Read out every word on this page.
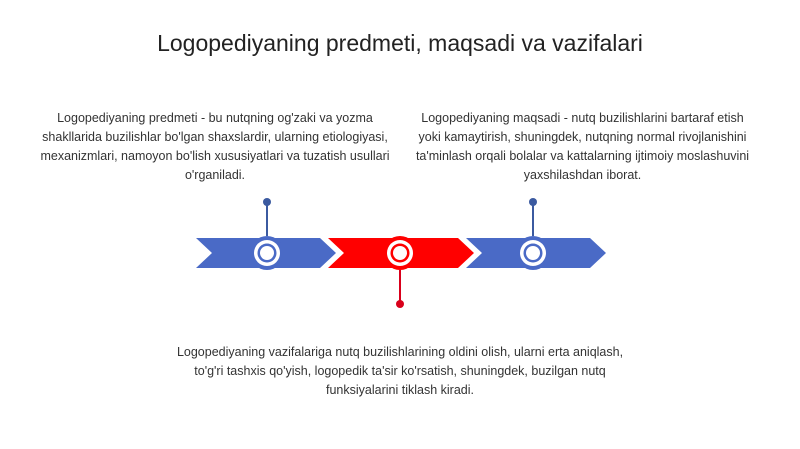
Logopediyaning predmeti, maqsadi va vazifalari
Logopediyaning predmeti - bu nutqning og'zaki va yozma shakllarida buzilishlar bo'lgan shaxslardir, ularning etiologiyasi, mexanizmlari, namoyon bo'lish xususiyatlari va tuzatish usullari o'rganiladi.
Logopediyaning maqsadi - nutq buzilishlarini bartaraf etish yoki kamaytirish, shuningdek, nutqning normal rivojlanishini ta'minlash orqali bolalar va kattalarning ijtimoiy moslashuvini yaxshilashdan iborat.
Logopediyaning vazifalariga nutq buzilishlarining oldini olish, ularni erta aniqlash, to'g'ri tashxis qo'yish, logopedik ta'sir ko'rsatish, shuningdek, buzilgan nutq funksiyalarini tiklash kiradi.
